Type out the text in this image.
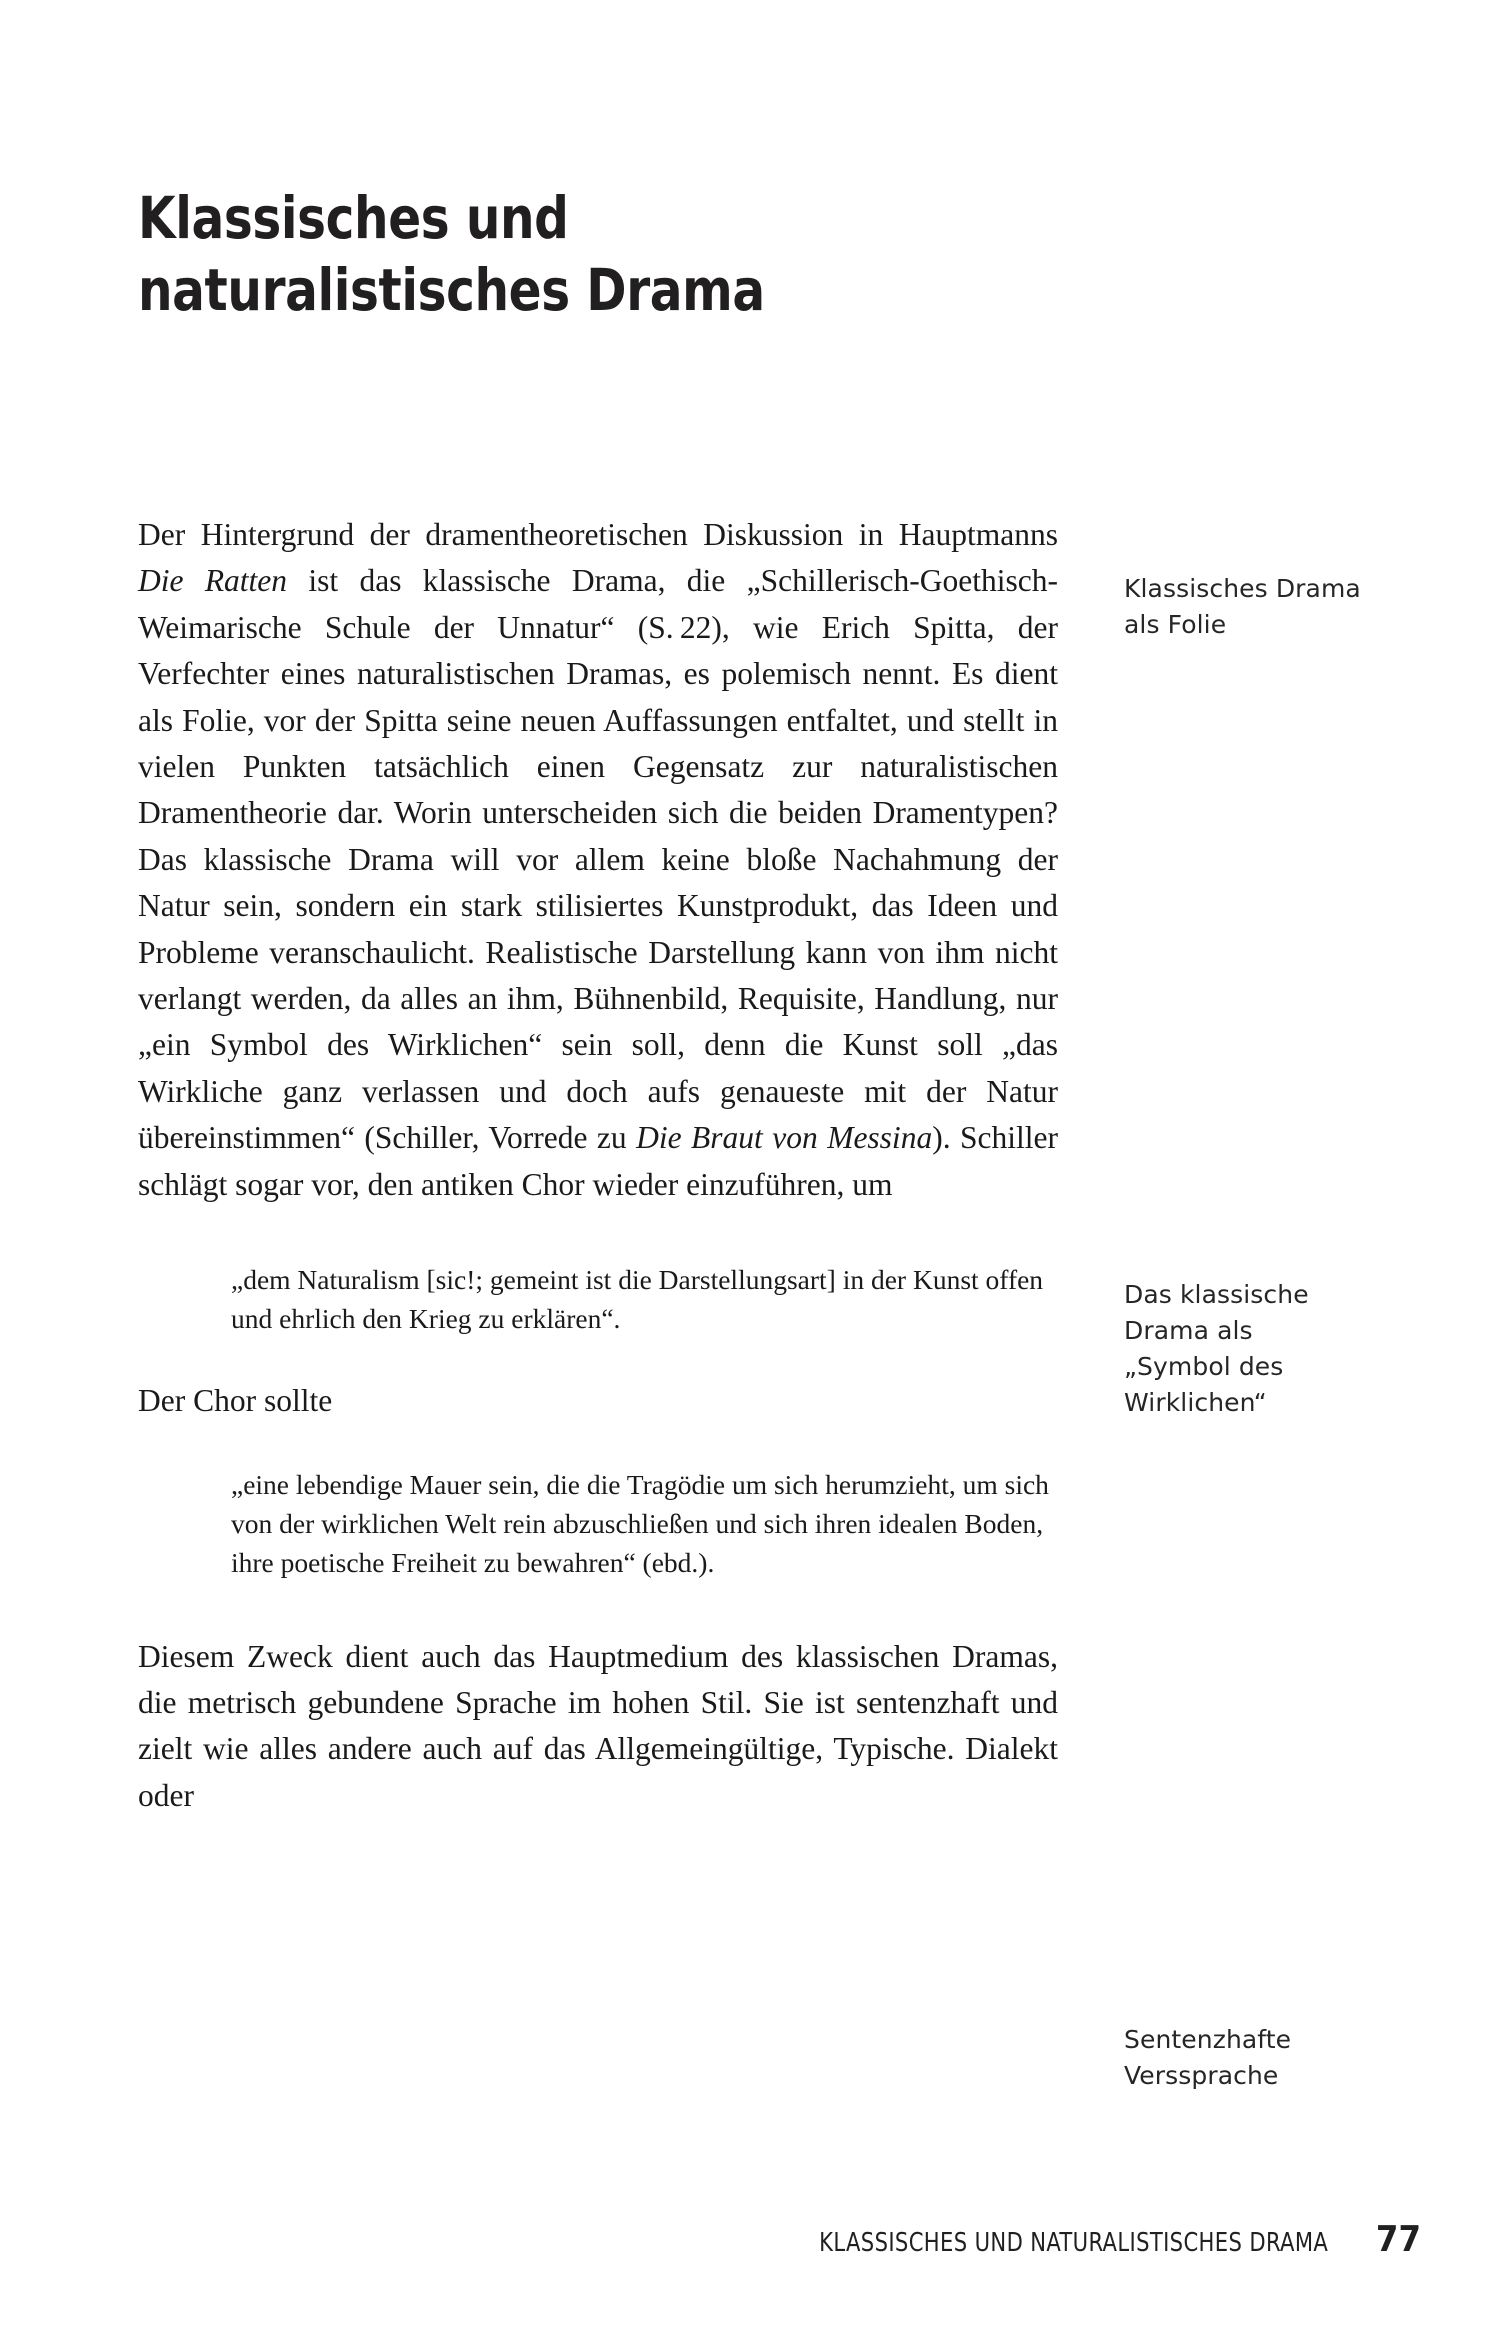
Klassisches und
naturalistisches Drama

Der Hintergrund der dramentheoretischen Diskussion in Hauptmanns Die Ratten ist das klassische Drama, die „Schillerisch-Goethisch-Weimarische Schule der Unnatur“ (S. 22), wie Erich Spitta, der Verfechter eines naturalistischen Dramas, es polemisch nennt. Es dient als Folie, vor der Spitta seine neuen Auffassungen entfaltet, und stellt in vielen Punkten tatsächlich einen Gegensatz zur naturalistischen Dramentheorie dar. Worin unterscheiden sich die beiden Dramentypen? Das klassische Drama will vor allem keine bloße Nachahmung der Natur sein, sondern ein stark stilisiertes Kunstprodukt, das Ideen und Probleme veranschaulicht. Realistische Darstellung kann von ihm nicht verlangt werden, da alles an ihm, Bühnenbild, Requisite, Handlung, nur „ein Symbol des Wirklichen“ sein soll, denn die Kunst soll „das Wirkliche ganz verlassen und doch aufs genaueste mit der Natur übereinstimmen“ (Schiller, Vorrede zu Die Braut von Messina). Schiller schlägt sogar vor, den antiken Chor wieder einzuführen, um

„dem Naturalism [sic!; gemeint ist die Darstellungsart] in der Kunst offen und ehrlich den Krieg zu erklären“.

Der Chor sollte

„eine lebendige Mauer sein, die die Tragödie um sich herumzieht, um sich von der wirklichen Welt rein abzuschließen und sich ihren idealen Boden, ihre poetische Freiheit zu bewahren“ (ebd.).

Diesem Zweck dient auch das Hauptmedium des klassischen Dramas, die metrisch gebundene Sprache im hohen Stil. Sie ist sentenzhaft und zielt wie alles andere auch auf das Allgemeingültige, Typische. Dialekt oder

Klassisches Drama
als Folie
Das klassische
Drama als
„Symbol des
Wirklichen“
Sentenzhafte
Verssprache
KLASSISCHES UND NATURALISTISCHES DRAMA 77
